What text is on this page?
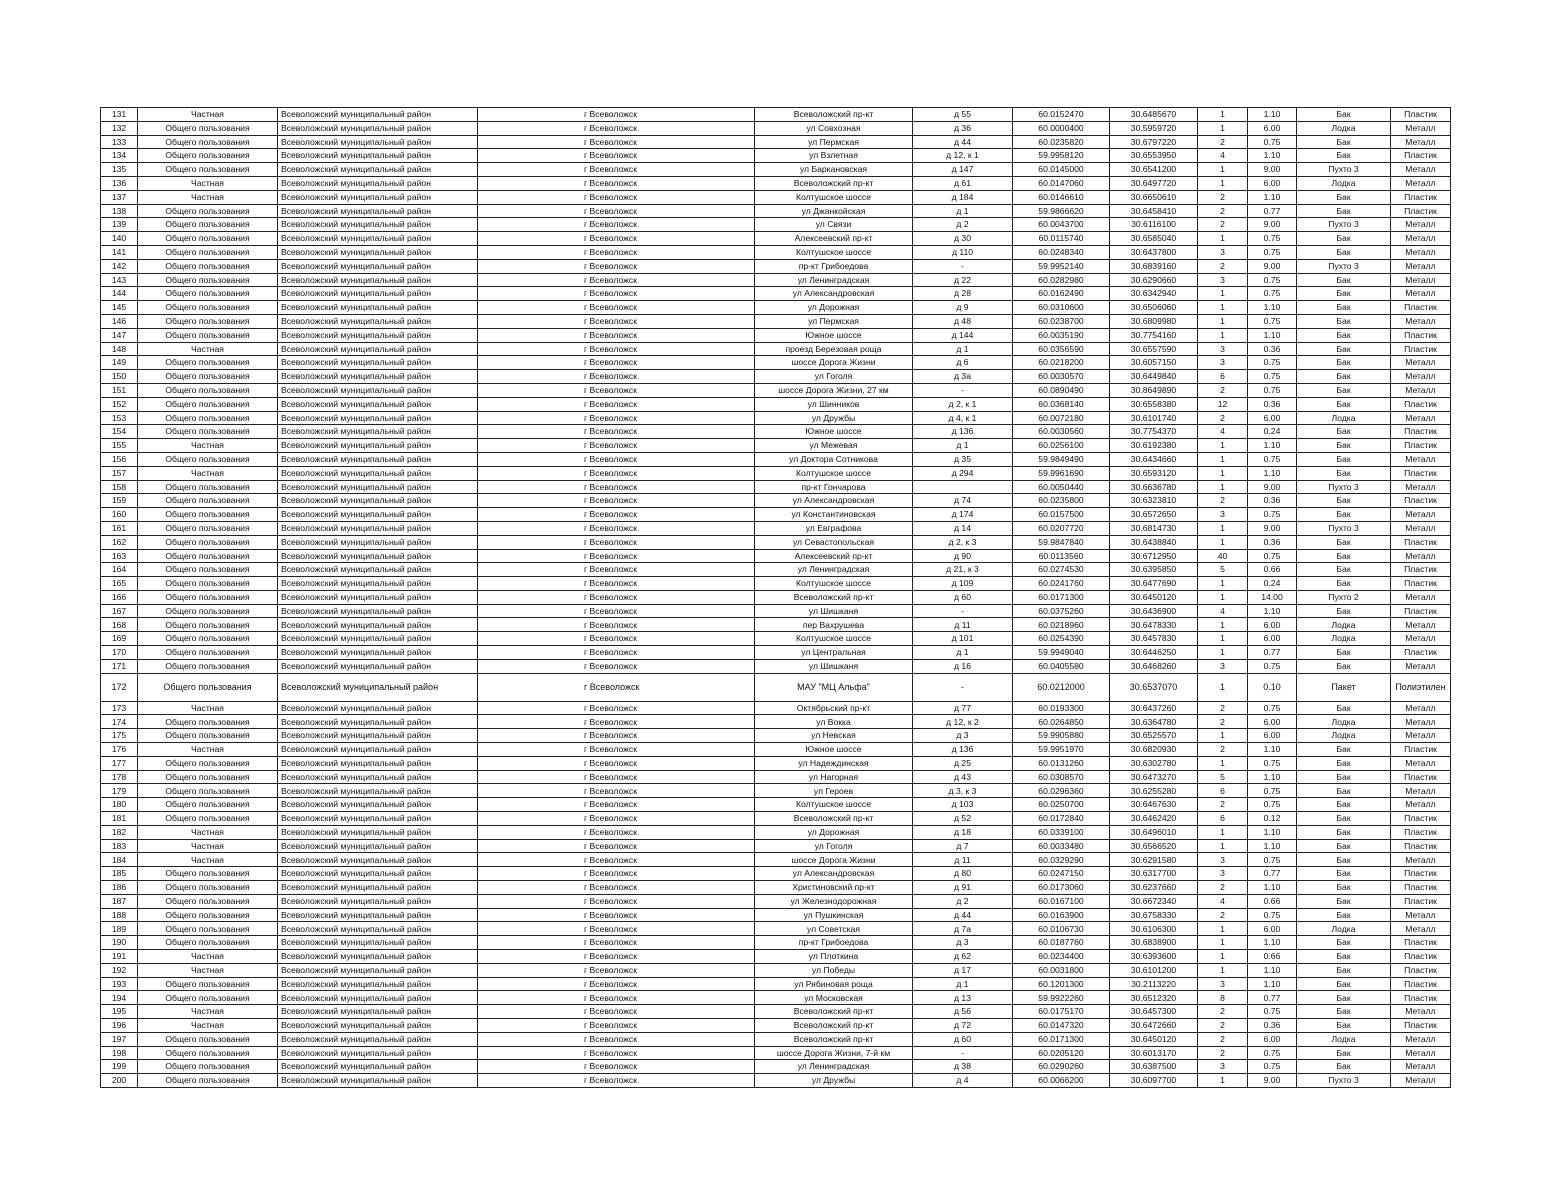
131	Частная	Всеволожский муниципальный район	г Всеволожск	Всеволожский пр-кт	д 55	60.0152470	30.6485670	1	1.10	Бак	Пластик
132	Общего пользования	Всеволожский муниципальный район	г Всеволожск	ул Совхозная	д 36	60.0000400	30.5959720	1	6.00	Лодка	Металл
133	Общего пользования	Всеволожский муниципальный район	г Всеволожск	ул Пермская	д 44	60.0235820	30.6797220	2	0.75	Бак	Металл
134	Общего пользования	Всеволожский муниципальный район	г Всеволожск	ул Взлетная	д 12, к 1	59.9958120	30.6553950	4	1.10	Бак	Пластик
135	Общего пользования	Всеволожский муниципальный район	г Всеволожск	ул Баркановская	д 147	60.0145000	30.6541200	1	9.00	Пухто 3	Металл
136	Частная	Всеволожский муниципальный район	г Всеволожск	Всеволожский пр-кт	д 61	60.0147060	30.6497720	1	6.00	Лодка	Металл
137	Частная	Всеволожский муниципальный район	г Всеволожск	Колтушское шоссе	д 184	60.0146610	30.6650610	2	1.10	Бак	Пластик
138	Общего пользования	Всеволожский муниципальный район	г Всеволожск	ул Джанкойская	д 1	59.9866620	30.6458410	2	0.77	Бак	Пластик
139	Общего пользования	Всеволожский муниципальный район	г Всеволожск	ул Связи	д 2	60.0043700	30.6116100	2	9.00	Пухто 3	Металл
140	Общего пользования	Всеволожский муниципальный район	г Всеволожск	Алексеевский пр-кт	д 30	60.0115740	30.6585040	1	0.75	Бак	Металл
141	Общего пользования	Всеволожский муниципальный район	г Всеволожск	Колтушское шоссе	д 110	60.0248340	30.6437800	3	0.75	Бак	Металл
142	Общего пользования	Всеволожский муниципальный район	г Всеволожск	пр-кт Грибоедова	-	59.9952140	30.6839160	2	9.00	Пухто 3	Металл
143	Общего пользования	Всеволожский муниципальный район	г Всеволожск	ул Ленинградская	д 22	60.0282980	30.6290660	3	0.75	Бак	Металл
144	Общего пользования	Всеволожский муниципальный район	г Всеволожск	ул Александровская	д 28	60.0162490	30.6342940	1	0.75	Бак	Металл
145	Общего пользования	Всеволожский муниципальный район	г Всеволожск	ул Дорожная	д 9	60.0310600	30.6506060	1	1.10	Бак	Пластик
146	Общего пользования	Всеволожский муниципальный район	г Всеволожск	ул Пермская	д 48	60.0238700	30.6809980	1	0.75	Бак	Металл
147	Общего пользования	Всеволожский муниципальный район	г Всеволожск	Южное шоссе	д 144	60.0035190	30.7754160	1	1.10	Бак	Пластик
148	Частная	Всеволожский муниципальный район	г Всеволожск	проезд Березовая роща	д 1	60.0356590	30.6557590	3	0.36	Бак	Пластик
149	Общего пользования	Всеволожский муниципальный район	г Всеволожск	шоссе Дорога Жизни	д 6	60.0218200	30.6057150	3	0.75	Бак	Металл
150	Общего пользования	Всеволожский муниципальный район	г Всеволожск	ул Гоголя	д 3а	60.0030570	30.6449840	6	0.75	Бак	Металл
151	Общего пользования	Всеволожский муниципальный район	г Всеволожск	шоссе Дорога Жизни, 27 км	-	60.0890490	30.8649890	2	0.75	Бак	Металл
152	Общего пользования	Всеволожский муниципальный район	г Всеволожск	ул Шинников	д 2, к 1	60.0368140	30.6558380	12	0.36	Бак	Пластик
153	Общего пользования	Всеволожский муниципальный район	г Всеволожск	ул Дружбы	д 4, к 1	60.0072180	30.6101740	2	6.00	Лодка	Металл
154	Общего пользования	Всеволожский муниципальный район	г Всеволожск	Южное шоссе	д 136	60.0030560	30.7754370	4	0.24	Бак	Пластик
155	Частная	Всеволожский муниципальный район	г Всеволожск	ул Межевая	д 1	60.0256100	30.6192380	1	1.10	Бак	Пластик
156	Общего пользования	Всеволожский муниципальный район	г Всеволожск	ул Доктора Сотникова	д 35	59.9849490	30.6434660	1	0.75	Бак	Металл
157	Частная	Всеволожский муниципальный район	г Всеволожск	Колтушское шоссе	д 294	59.9961690	30.6593120	1	1.10	Бак	Пластик
158	Общего пользования	Всеволожский муниципальный район	г Всеволожск	пр-кт Гончарова		60.0050440	30.6636780	1	9.00	Пухто 3	Металл
159	Общего пользования	Всеволожский муниципальный район	г Всеволожск	ул Александровская	д 74	60.0235800	30.6323810	2	0.36	Бак	Пластик
160	Общего пользования	Всеволожский муниципальный район	г Всеволожск	ул Константиновская	д 174	60.0157500	30.6572650	3	0.75	Бак	Металл
161	Общего пользования	Всеволожский муниципальный район	г Всеволожск	ул Евграфова	д 14	60.0207720	30.6814730	1	9.00	Пухто 3	Металл
162	Общего пользования	Всеволожский муниципальный район	г Всеволожск	ул Севастопольская	д 2, к 3	59.9847840	30.6438840	1	0.36	Бак	Пластик
163	Общего пользования	Всеволожский муниципальный район	г Всеволожск	Алексеевский пр-кт	д 90	60.0113560	30.6712950	40	0.75	Бак	Металл
164	Общего пользования	Всеволожский муниципальный район	г Всеволожск	ул Ленинградская	д 21, к 3	60.0274530	30.6395850	5	0.66	Бак	Пластик
165	Общего пользования	Всеволожский муниципальный район	г Всеволожск	Колтушское шоссе	д 109	60.0241760	30.6477690	1	0.24	Бак	Пластик
166	Общего пользования	Всеволожский муниципальный район	г Всеволожск	Всеволожский пр-кт	д 60	60.0171300	30.6450120	1	14.00	Пухто 2	Металл
167	Общего пользования	Всеволожский муниципальный район	г Всеволожск	ул Шишканя	-	60.0375260	30.6436900	4	1.10	Бак	Пластик
168	Общего пользования	Всеволожский муниципальный район	г Всеволожск	пер Вахрушева	д 11	60.0218960	30.6478330	1	6.00	Лодка	Металл
169	Общего пользования	Всеволожский муниципальный район	г Всеволожск	Колтушское шоссе	д 101	60.0254390	30.6457830	1	6.00	Лодка	Металл
170	Общего пользования	Всеволожский муниципальный район	г Всеволожск	ул Центральная	д 1	59.9949040	30.6446250	1	0.77	Бак	Пластик
171	Общего пользования	Всеволожский муниципальный район	г Всеволожск	ул Шишканя	д 16	60.0405580	30.6468260	3	0.75	Бак	Металл
172	Общего пользования	Всеволожский муниципальный район	г Всеволожск	МАУ "МЦ Альфа"	-	60.0212000	30.6537070	1	0.10	Пакет	Полиэтилен
173	Частная	Всеволожский муниципальный район	г Всеволожск	Октябрьский пр-кт	д 77	60.0193300	30.6437260	2	0.75	Бак	Металл
174	Общего пользования	Всеволожский муниципальный район	г Всеволожск	ул Вокка	д 12, к 2	60.0264850	30.6364780	2	6.00	Лодка	Металл
175	Общего пользования	Всеволожский муниципальный район	г Всеволожск	ул Невская	д 3	59.9905880	30.6525570	1	6.00	Лодка	Металл
176	Частная	Всеволожский муниципальный район	г Всеволожск	Южное шоссе	д 136	59.9951970	30.6820930	2	1.10	Бак	Пластик
177	Общего пользования	Всеволожский муниципальный район	г Всеволожск	ул Надеждинская	д 25	60.0131260	30.6302780	1	0.75	Бак	Металл
178	Общего пользования	Всеволожский муниципальный район	г Всеволожск	ул Нагорная	д 43	60.0308570	30.6473270	5	1.10	Бак	Пластик
179	Общего пользования	Всеволожский муниципальный район	г Всеволожск	ул Героев	д 3, к 3	60.0296360	30.6255280	6	0.75	Бак	Металл
180	Общего пользования	Всеволожский муниципальный район	г Всеволожск	Колтушское шоссе	д 103	60.0250700	30.6467630	2	0.75	Бак	Металл
181	Общего пользования	Всеволожский муниципальный район	г Всеволожск	Всеволожский пр-кт	д 52	60.0172840	30.6462420	6	0.12	Бак	Пластик
182	Частная	Всеволожский муниципальный район	г Всеволожск	ул Дорожная	д 18	60.0339100	30.6496010	1	1.10	Бак	Пластик
183	Частная	Всеволожский муниципальный район	г Всеволожск	ул Гоголя	д 7	60.0033480	30.6566520	1	1.10	Бак	Пластик
184	Частная	Всеволожский муниципальный район	г Всеволожск	шоссе Дорога Жизни	д 11	60.0329290	30.6291580	3	0.75	Бак	Металл
185	Общего пользования	Всеволожский муниципальный район	г Всеволожск	ул Александровская	д 80	60.0247150	30.6317700	3	0.77	Бак	Пластик
186	Общего пользования	Всеволожский муниципальный район	г Всеволожск	Христиновский пр-кт	д 91	60.0173060	30.6237660	2	1.10	Бак	Пластик
187	Общего пользования	Всеволожский муниципальный район	г Всеволожск	ул Железнодорожная	д 2	60.0167100	30.6672340	4	0.66	Бак	Пластик
188	Общего пользования	Всеволожский муниципальный район	г Всеволожск	ул Пушкинская	д 44	60.0163900	30.6758330	2	0.75	Бак	Металл
189	Общего пользования	Всеволожский муниципальный район	г Всеволожск	ул Советская	д 7а	60.0106730	30.6106300	1	6.00	Лодка	Металл
190	Общего пользования	Всеволожский муниципальный район	г Всеволожск	пр-кт Грибоедова	д 3	60.0187760	30.6838900	1	1.10	Бак	Пластик
191	Частная	Всеволожский муниципальный район	г Всеволожск	ул Плоткина	д 62	60.0234400	30.6393600	1	0.66	Бак	Пластик
192	Частная	Всеволожский муниципальный район	г Всеволожск	ул Победы	д 17	60.0031800	30.6101200	1	1.10	Бак	Пластик
193	Общего пользования	Всеволожский муниципальный район	г Всеволожск	ул Рябиновая роща	д 1	60.1201300	30.2113220	3	1.10	Бак	Пластик
194	Общего пользования	Всеволожский муниципальный район	г Всеволожск	ул Московская	д 13	59.9922260	30.6512320	8	0.77	Бак	Пластик
195	Частная	Всеволожский муниципальный район	г Всеволожск	Всеволожский пр-кт	д 56	60.0175170	30.6457300	2	0.75	Бак	Металл
196	Частная	Всеволожский муниципальный район	г Всеволожск	Всеволожский пр-кт	д 72	60.0147320	30.6472660	2	0.36	Бак	Пластик
197	Общего пользования	Всеволожский муниципальный район	г Всеволожск	Всеволожский пр-кт	д 60	60.0171300	30.6450120	2	6.00	Лодка	Металл
198	Общего пользования	Всеволожский муниципальный район	г Всеволожск	шоссе Дорога Жизни, 7-й км	-	60.0205120	30.6013170	2	0.75	Бак	Металл
199	Общего пользования	Всеволожский муниципальный район	г Всеволожск	ул Ленинградская	д 38	60.0290260	30.6387500	3	0.75	Бак	Металл
200	Общего пользования	Всеволожский муниципальный район	г Всеволожск	ул Дружбы	д 4	60.0066200	30.6097700	1	9.00	Пухто 3	Металл
